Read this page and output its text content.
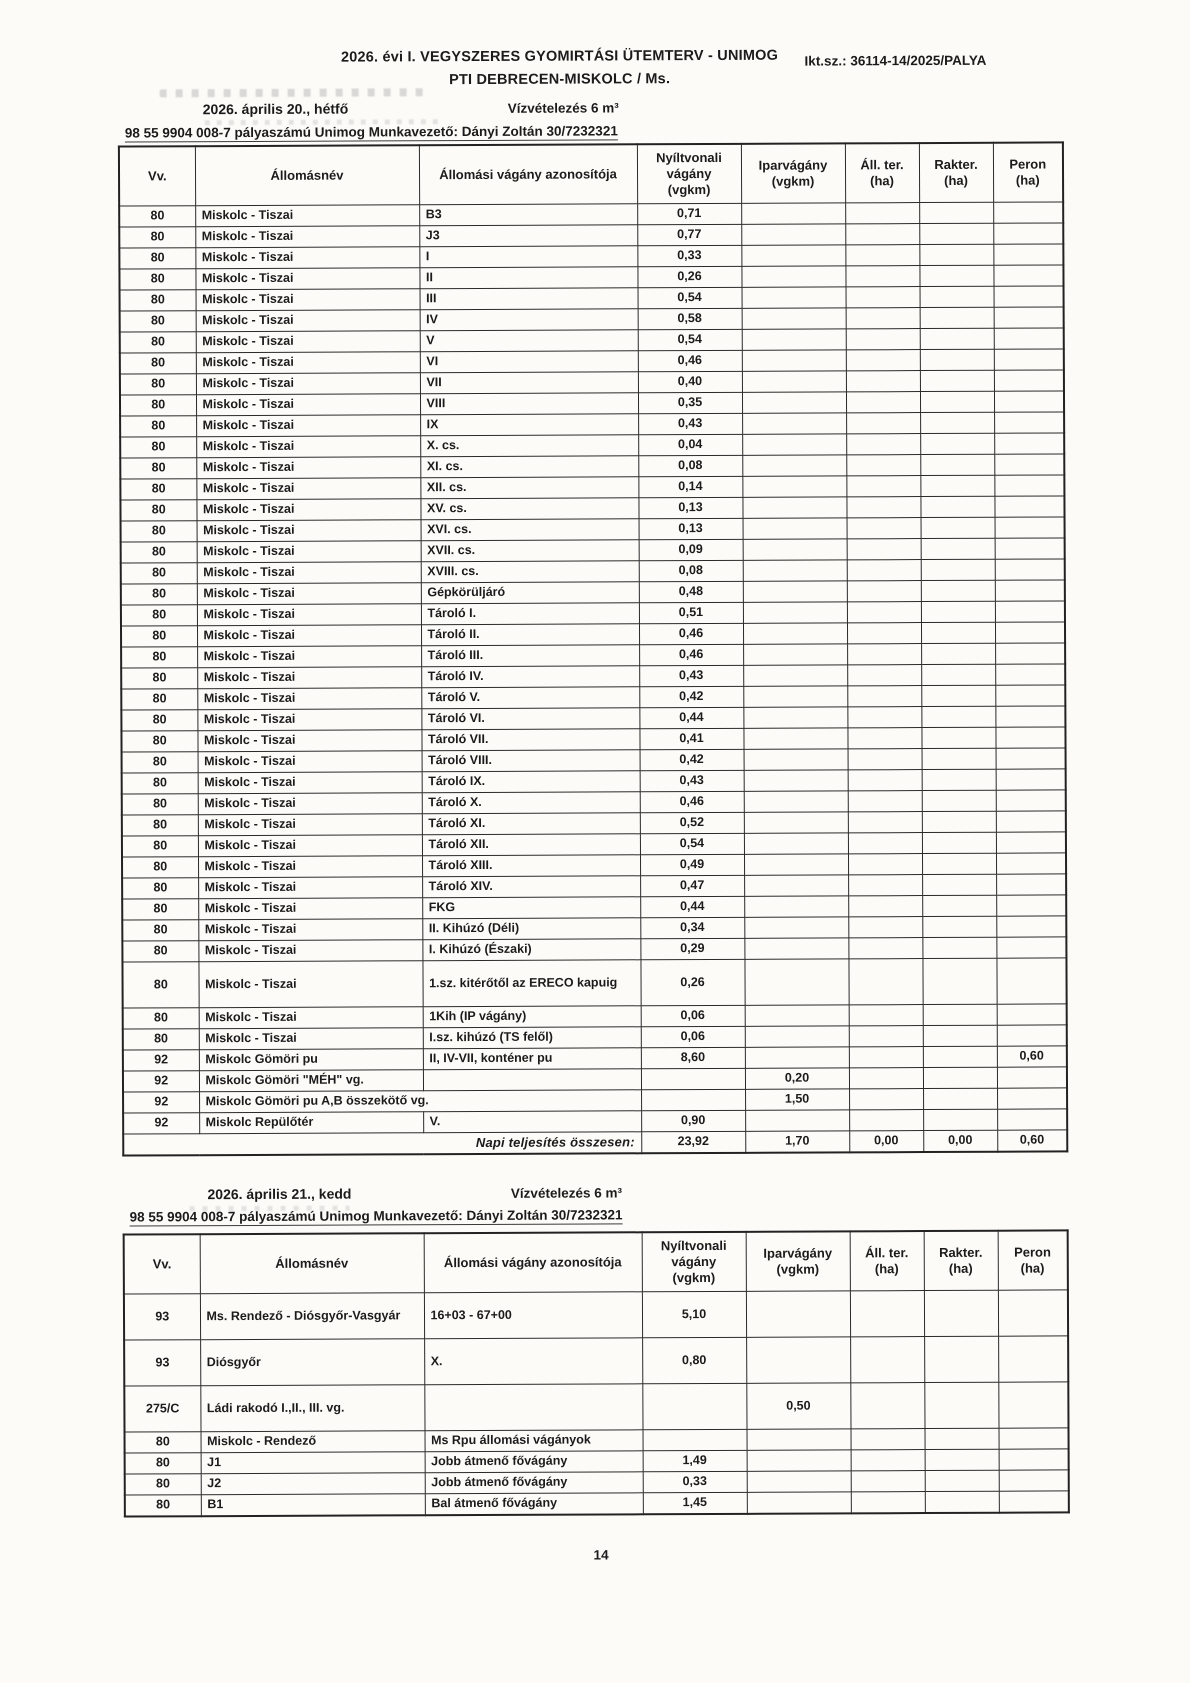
2026. évi I. VEGYSZERES GYOMIRTÁSI ÜTEMTERV - UNIMOG
PTI DEBRECEN-MISKOLC / Ms.
Ikt.sz.: 36114-14/2025/PALYA
2026. április 20., hétfő	Vízvételezés 6 m³
98 55 9904 008-7 pályaszámú Unimog Munkavezető: Dányi Zoltán 30/7232321
Vv.	Állomásnév	Állomási vágány azonosítója	Nyíltvonali vágány (vgkm)	Iparvágány (vgkm)	Áll. ter. (ha)	Rakter. (ha)	Peron (ha)
80	Miskolc - Tiszai	B3	0,71				
80	Miskolc - Tiszai	J3	0,77				
80	Miskolc - Tiszai	I	0,33				
80	Miskolc - Tiszai	II	0,26				
80	Miskolc - Tiszai	III	0,54				
80	Miskolc - Tiszai	IV	0,58				
80	Miskolc - Tiszai	V	0,54				
80	Miskolc - Tiszai	VI	0,46				
80	Miskolc - Tiszai	VII	0,40				
80	Miskolc - Tiszai	VIII	0,35				
80	Miskolc - Tiszai	IX	0,43				
80	Miskolc - Tiszai	X. cs.	0,04				
80	Miskolc - Tiszai	XI. cs.	0,08				
80	Miskolc - Tiszai	XII. cs.	0,14				
80	Miskolc - Tiszai	XV. cs.	0,13				
80	Miskolc - Tiszai	XVI. cs.	0,13				
80	Miskolc - Tiszai	XVII. cs.	0,09				
80	Miskolc - Tiszai	XVIII. cs.	0,08				
80	Miskolc - Tiszai	Gépkörüljáró	0,48				
80	Miskolc - Tiszai	Tároló I.	0,51				
80	Miskolc - Tiszai	Tároló II.	0,46				
80	Miskolc - Tiszai	Tároló III.	0,46				
80	Miskolc - Tiszai	Tároló IV.	0,43				
80	Miskolc - Tiszai	Tároló V.	0,42				
80	Miskolc - Tiszai	Tároló VI.	0,44				
80	Miskolc - Tiszai	Tároló VII.	0,41				
80	Miskolc - Tiszai	Tároló VIII.	0,42				
80	Miskolc - Tiszai	Tároló IX.	0,43				
80	Miskolc - Tiszai	Tároló X.	0,46				
80	Miskolc - Tiszai	Tároló XI.	0,52				
80	Miskolc - Tiszai	Tároló XII.	0,54				
80	Miskolc - Tiszai	Tároló XIII.	0,49				
80	Miskolc - Tiszai	Tároló XIV.	0,47				
80	Miskolc - Tiszai	FKG	0,44				
80	Miskolc - Tiszai	II. Kihúzó (Déli)	0,34				
80	Miskolc - Tiszai	I. Kihúzó (Északi)	0,29				
80	Miskolc - Tiszai	1.sz. kitérőtől az ERECO kapuig	0,26				
80	Miskolc - Tiszai	1Kih (IP vágány)	0,06				
80	Miskolc - Tiszai	I.sz. kihúzó (TS felől)	0,06				
92	Miskolc Gömöri pu	II, IV-VII, konténer pu	8,60				0,60
92	Miskolc Gömöri "MÉH" vg.			0,20			
92	Miskolc Gömöri pu A,B összekötő vg.			1,50			
92	Miskolc Repülőtér	V.	0,90				
Napi teljesítés összesen:			23,92	1,70	0,00	0,00	0,60
2026. április 21., kedd	Vízvételezés 6 m³
98 55 9904 008-7 pályaszámú Unimog Munkavezető: Dányi Zoltán 30/7232321
Vv.	Állomásnév	Állomási vágány azonosítója	Nyíltvonali vágány (vgkm)	Iparvágány (vgkm)	Áll. ter. (ha)	Rakter. (ha)	Peron (ha)
93	Ms. Rendező - Diósgyőr-Vasgyár	16+03 - 67+00	5,10				
93	Diósgyőr	X.	0,80				
275/C	Ládi rakodó I.,II., III. vg.			0,50			
80	Miskolc - Rendező	Ms Rpu állomási vágányok					
80	J1	Jobb átmenő fővágány	1,49				
80	J2	Jobb átmenő fővágány	0,33				
80	B1	Bal átmenő fővágány	1,45				
14
